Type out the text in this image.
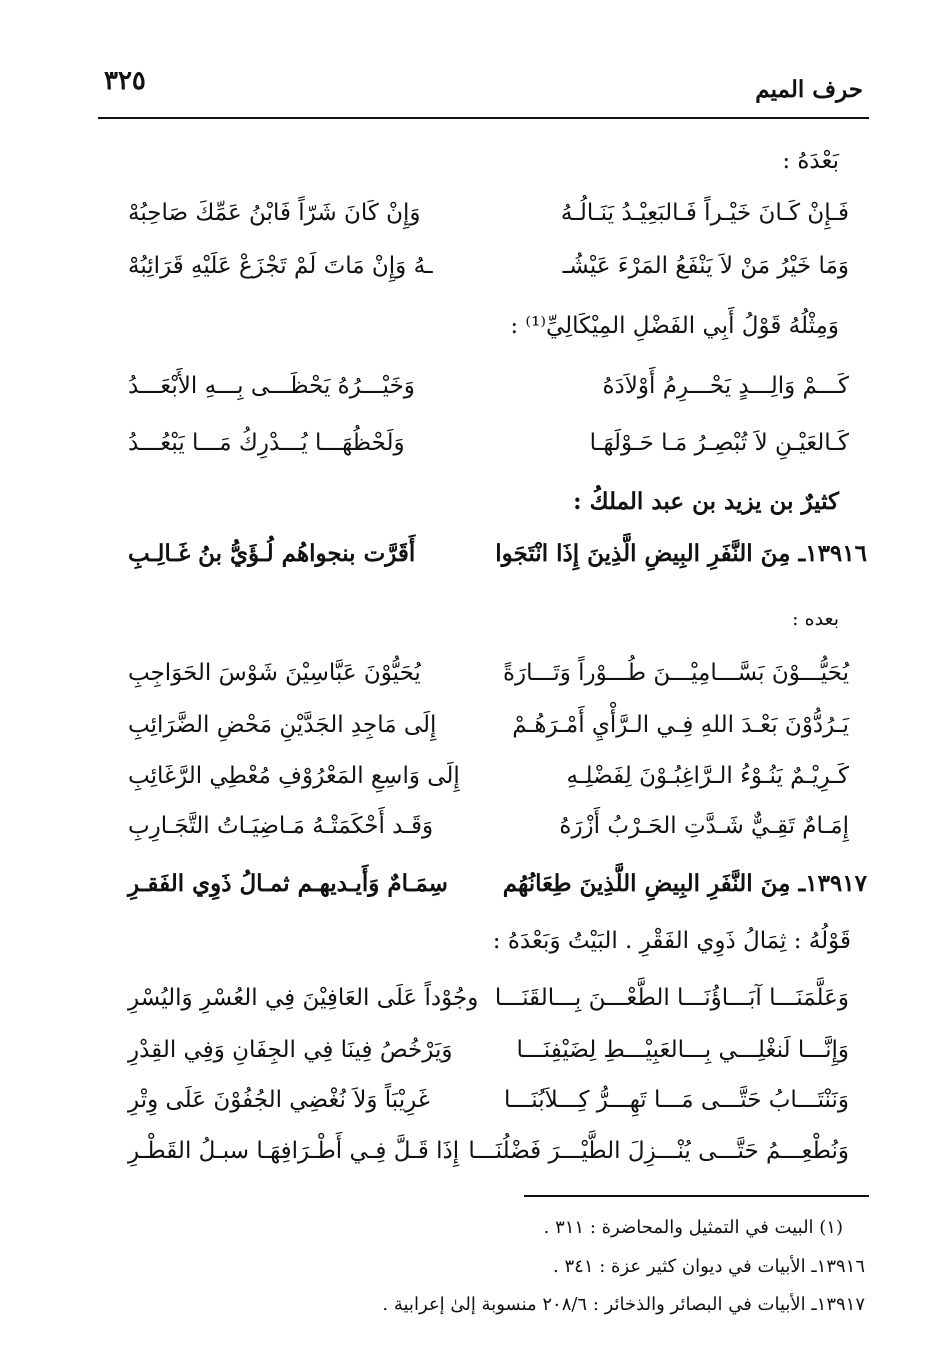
حرف الميم
٣٢٥
بَعْدَهُ :
فَـإِنْ كَـانَ خَيْـراً فَـالبَعِيْـدُ يَنَـالُـهُ
وَإِنْ كَانَ شَرّاً فَابْنُ عَمِّكَ صَاحِبُهْ
وَمَا خَيْرُ مَنْ لاَ يَنْفَعُ المَرْءَ عَيْشُـ
ـهُ وَإِنْ مَاتَ لَمْ تَجْزَعْ عَلَيْهِ قَرَائِبُهْ
وَمِثْلُهُ قَوْلُ أَبِي الفَضْلِ المِيْكَالِيِّ⁽¹⁾ :
كَـــمْ وَالِـــدٍ يَحْـــرِمُ أَوْلاَدَهُ
وَخَيْـــرُهُ يَحْظَـــى بِـــهِ الأَبْعَـــدُ
كَـالعَيْـنِ لاَ تُبْصِـرُ مَـا حَـوْلَهَـا
وَلَحْظُهَـــا يُـــدْرِكُ مَـــا يَبْعُـــدُ
كثيرٌ بن يزيد بن عبد الملكُ :
١٣٩١٦ـ مِنَ النَّفَرِ البِيضِ الَّذِينَ إِذَا انْتَجَوا
أَقَرَّت بنجواهُم لُـؤَيُّ بنُ غَـالِـبِ
بعده :
يُحَيُّـــوْنَ بَسَّـــامِيْـــنَ طُـــوْراً وَتَـــارَةً
يُحَيُّوْنَ عَبَّاسِيْنَ شَوْسَ الحَوَاجِبِ
يَـرُدُّوْنَ بَعْـدَ اللهِ فِـي الـرَّأْيِ أَمْـرَهُـمْ
إِلَى مَاجِدِ الجَدَّيْنِ مَحْضِ الضَّرَائِبِ
كَـرِيْـمٌ يَنُـوْءُ الـرَّاغِبُـوْنَ لِفَضْلِـهِ
إِلَى وَاسِعِ المَعْرُوْفِ مُعْطِي الرَّغَائِبِ
إِمَـامٌ تَقِـيٌّ شَـدَّتِ الحَـرْبُ أَزْرَهُ
وَقَـد أَحْكَمَتْـهُ مَـاضِيَـاتُ التَّجَـارِبِ
١٣٩١٧ـ مِنَ النَّفَرِ البِيضِ اللَّذِينَ طِعَانُهُم
سِمَـامٌ وَأَيـديهـم ثمـالُ ذَوِي الفَقـرِ
قَوْلُهُ : ثِمَالُ ذَوِي الفَقْرِ . البَيْتُ وَبَعْدَهُ :
وَعَلَّمَنَـــا آبَـــاؤُنَـــا الطَّعْـــنَ بِـــالقَنَـــا
وجُوْداً عَلَى العَافِيْنَ فِي العُسْرِ وَاليُسْرِ
وَإِنَّـــا لَنغْلِـــي بِـــالعَبِيْـــطِ لِضَيْفِنَـــا
وَيَرْخُصُ فِينَا فِي الجِفَانِ وَفِي القِدْرِ
وَنَنْتَـــابُ حَتَّـــى مَـــا تَهِـــرُّ كِـــلاَبُنَـــا
غَرِيْبَاً وَلاَ نُغْضِي الجُفُوْنَ عَلَى وِتْرِ
وَنُطْعِـــمُ حَتَّـــى يُنْـــزِلَ الطَّيْـــرَ فَضْلُنَـــا
إِذَا قَـلَّ فِـي أَطْـرَافِهَـا سبـلُ القَطْـرِ
(١) البيت في التمثيل والمحاضرة : ٣١١ .
١٣٩١٦ـ الأبيات في ديوان كثير عزة : ٣٤١ .
١٣٩١٧ـ الأبيات في البصائر والذخائر : ٢٠٨/٦ منسوبة إلىٰ إعرابية .
